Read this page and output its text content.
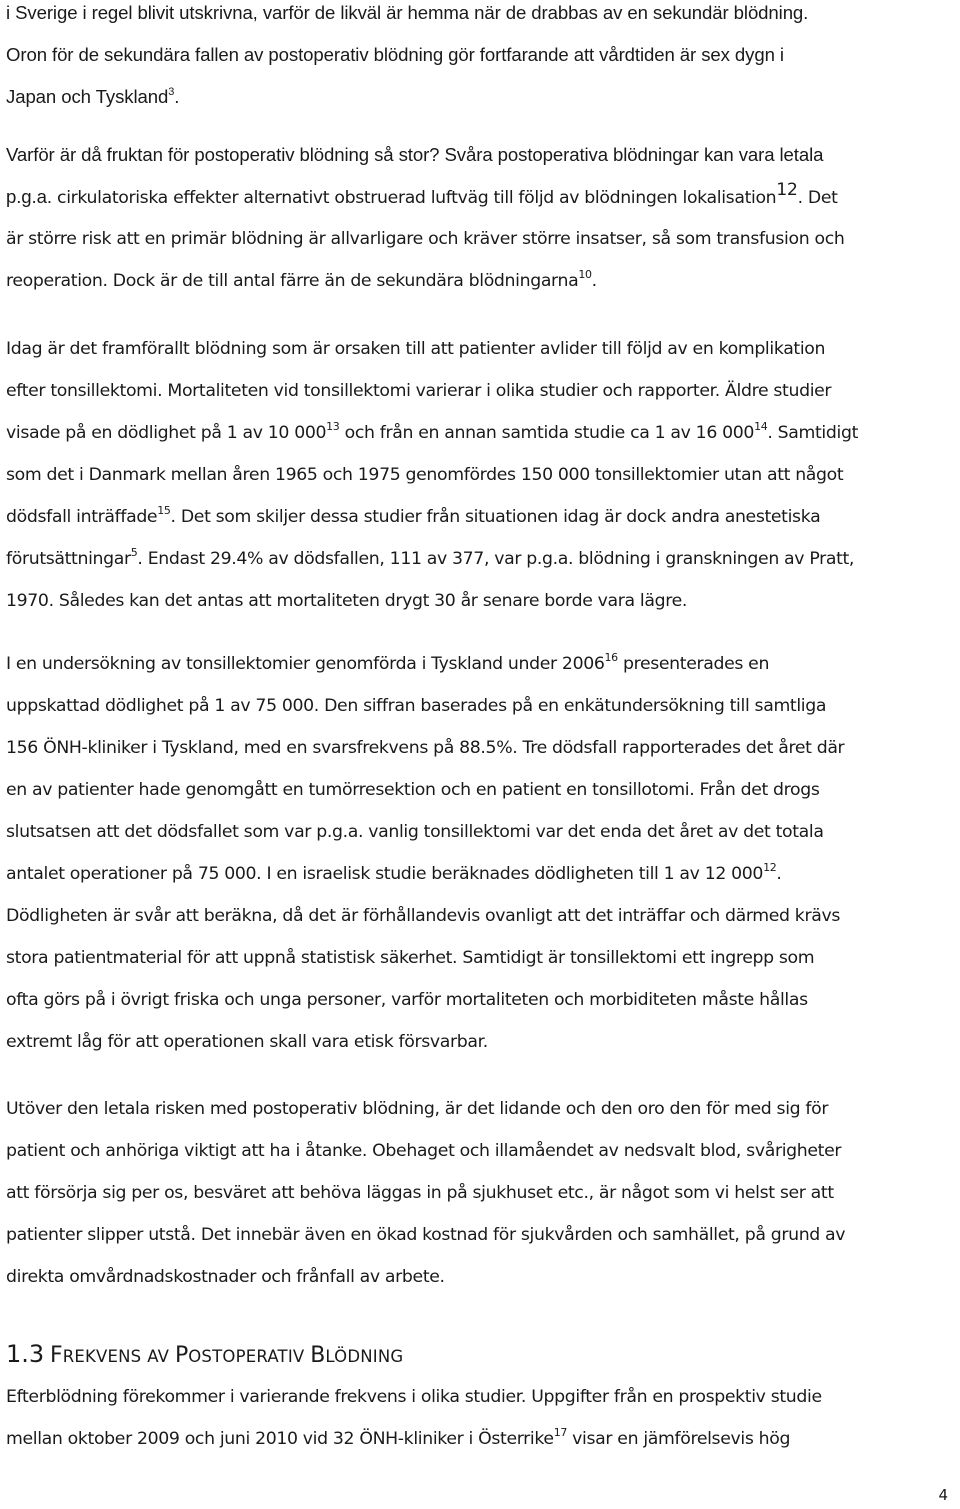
i Sverige i regel blivit utskrivna, varför de likväl är hemma när de drabbas av en sekundär blödning.
Oron för de sekundära fallen av postoperativ blödning gör fortfarande att vårdtiden är sex dygn i
Japan och Tyskland$^3$.
Varför är då fruktan för postoperativ blödning så stor? Svåra postoperativa blödningar kan vara letala
p.g.a. cirkulatoriska effekter alternativt obstruerad luftväg till följd av blödningen lokalisation$^{12}$. Det
är större risk att en primär blödning är allvarligare och kräver större insatser, så som transfusion och
reoperation. Dock är de till antal färre än de sekundära blödningarna$^{10}$.
Idag är det framförallt blödning som är orsaken till att patienter avlider till följd av en komplikation
efter tonsillektomi. Mortaliteten vid tonsillektomi varierar i olika studier och rapporter. Äldre studier
visade på en dödlighet på 1 av 10 $000^{13}$ och från en annan samtida studie ca 1 av 16 $000^{14}$. Samtidigt
som det i Danmark mellan åren 1965 och 1975 genomfördes 150 000 tonsillektomier utan att något
dödsfall inträffade$^{15}$. Det som skiljer dessa studier från situationen idag är dock andra anestetiska
förutsättningar$^5$. Endast 29.4% av dödsfallen, 111 av 377, var p.g.a. blödning i granskningen av Pratt,
1970. Således kan det antas att mortaliteten drygt 30 år senare borde vara lägre.
I en undersökning av tonsillektomier genomförda i Tyskland under 2006$^{16}$ presenterades en
uppskattad dödlighet på 1 av 75 000. Den siffran baserades på en enkätundersökning till samtliga
156 ÖNH-kliniker i Tyskland, med en svarsfrekvens på 88.5%. Tre dödsfall rapporterades det året där
en av patienter hade genomgått en tumörresektion och en patient en tonsillotomi. Från det drogs
slutsatsen att det dödsfallet som var p.g.a. vanlig tonsillektomi var det enda det året av det totala
antalet operationer på 75 000. I en israelisk studie beräknades dödligheten till 1 av 12 $000^{12}$.
Dödligheten är svår att beräkna, då det är förhållandevis ovanligt att det inträffar och därmed krävs
stora patientmaterial för att uppnå statistisk säkerhet. Samtidigt är tonsillektomi ett ingrepp som
ofta görs på i övrigt friska och unga personer, varför mortaliteten och morbiditeten måste hållas
extremt låg för att operationen skall vara etisk försvarbar.
Utöver den letala risken med postoperativ blödning, är det lidande och den oro den för med sig för
patient och anhöriga viktigt att ha i åtanke. Obehaget och illamåendet av nedsvalt blod, svårigheter
att försörja sig per os, besväret att behöva läggas in på sjukhuset etc., är något som vi helst ser att
patienter slipper utstå. Det innebär även en ökad kostnad för sjukvården och samhället, på grund av
direkta omvårdnadskostnader och frånfall av arbete.
1.3 FREKVENS AV POSTOPERATIV BLÖDNING
Efterblödning förekommer i varierande frekvens i olika studier. Uppgifter från en prospektiv studie
mellan oktober 2009 och juni 2010 vid 32 ÖNH-kliniker i Österrike$^{17}$ visar en jämförelsevis hög
4
